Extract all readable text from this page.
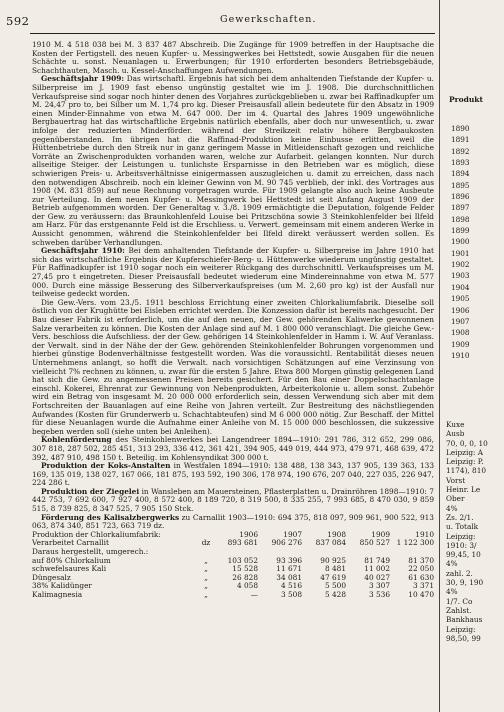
592	Gewerkschaften.

1910 M. 4 518 038 bei M. 3 837 487 Abschreib. Die Zugänge für 1909 betreffen in der Hauptsache die Kosten der Fertigstell. des neuen Kupfer- u. Messingwerkes bei Hettstedt, sowie Ausgaben für die neuen Schächte u. sonst. Neuanlagen u. Erwerbungen; für 1910 erforderten besonders Betriebsgebäude, Schachthauten, Masch. u. Kessel-Anschaffungen Aufwendungen.

Geschäftsjahr 1909: Das wirtschaftl. Ergebnis hat sich bei dem anhaltenden Tiefstande der Kupfer- u. Silberpreise im J. 1909 fast ebenso ungünstig gestaltet wie im J. 1908. Die durchschnittlichen Verkaufspreise sind sogar noch hinter denen des Vorjahres zurückgeblieben u. zwar bei Raffinadkupfer um M. 24,47 pro to, bei Silber um M. 1,74 pro kg. Dieser Preisausfall allein bedeutete für den Absatz in 1909 einen Minder-Einnahme von etwa M. 647 000. Der im 4. Quartal des Jahres 1909 ungewöhnliche Bergbauertrag hat das wirtschaftliche Ergebnis natürlich ebenfalls, aber doch nur unwesentlich, u. zwar infolge der reduzierten Minderförder. während der Streikzeit relativ höhere Bergbaukosten gegenüberstanden. Im übrigen hat die Raffinad-Produktion keine Einbusse erlitten, weil die Hüttenbetriebe durch den Streik nur in ganz geringem Masse in Mitleidenschaft gezogen und reichliche Vorräte an Zwischenprodukten vorhanden waren, welche zur Aufarbeit. gelangen konnten. Nur durch allseitige Steiger. der Leistungen u. tunlichste Ersparnisse in den Betrieben war es möglich, diese schwierigen Preis- u. Arbeitsverhältnisse einigermassen auszugleichen u. damit zu erreichen, dass nach den notwendigen Abschreib. noch ein kleiner Gewinn von M. 90 745 verblieb, der inkl. des Vortrages aus 1908 (M. 831 859) auf neue Rechnung vorgetragen wurde. Für 1909 gelangte also auch keine Ausbeute zur Verteilung. In dem neuen Kupfer- u. Messingwerk bei Hettstedt ist seit Anfang August 1909 der Betrieb aufgenommen worden. Der Generaltag v. 3./8. 1909 ermächtigte die Deputation, folgende Felder der Gew. zu veräussern: das Braunkohlenfeld Louise bei Pritzschöna sowie 3 Steinkohlenfelder bei Ilfeld am Harz. Für das erstgenannte Feld ist die Erschliess. u. Verwert. gemeinsam mit einem anderen Werke in Aussicht genommen, während die Steinkohlenfelder bei Ilfeld direkt veräussert werden sollen. Es schweben darüber Verhandlungen.

Geschäftsjahr 1910: Bei dem anhaltenden Tiefstande der Kupfer- u. Silberpreise im Jahre 1910 hat sich das wirtschaftliche Ergebnis der Kupferschiefer-Berg- u. Hüttenwerke wiederum ungünstig gestaltet. Für Raffinadkupfer ist 1910 sogar noch ein weiterer Rückgang des durchschnittl. Verkaufspreises um M. 27,45 pro t eingetreten. Dieser Preisausfall bedeutet wiederum eine Mindereinnahme von etwa M. 577 000. Durch eine mässige Besserung des Silberverkaufspreises (um M. 2,60 pro kg) ist der Ausfall nur teilweise gedeckt worden.

Die Gew.-Vers. vom 23./5. 1911 beschloss Errichtung einer zweiten Chlorkaliumfabrik. Dieselbe soll östlich von der Krughütte bei Eisleben errichtet werden. Die Konzession dafür ist bereits nachgesucht. Der Bau dieser Fabrik ist erforderlich, um die auf den neuen, der Gew. gehörenden Kaliwerke gewonnenen Salze verarbeiten zu können. Die Kosten der Anlage sind auf M. 1 800 000 veranschlagt. Die gleiche Gew.-Vers. beschloss die Aufschliess. der der Gew. gehörigen 14 Steinkohlenfelder in Hamm i. W. Auf Veranlass. der Verwalt. sind in der Nähe der der Gew. gehörenden Steinkohlenfelder Bohrungen vorgenommen und hierbei günstige Bodenverhältnisse festgestellt worden. Was die voraussichtl. Rentabilität dieses neuen Unternehmens anlangt, so hofft die Verwalt. nach vorsichtigen Schätzungen auf eine Verzinsung von vielleicht 7% rechnen zu können, u. zwar für die ersten 5 Jahre. Etwa 800 Morgen günstig gelegenen Land hat sich die Gew. zu angemessenen Preisen bereits gesichert. Für den Bau einer Doppelschachtanlage einschl. Kokerei, Ehrenrat zur Gewinnung von Nebenprodukten, Arbeiterkolonie u. allem sonst. Zubehör wird ein Betrag von insgesamt M. 20 000 000 erforderlich sein, dessen Verwendung sich aber mit dem Fortschreiten der Bauanlagen auf eine Reihe von Jahren verteilt. Zur Bestreitung des nächstliegenden Aufwandes (Kosten für Grunderwerb u. Schachtabteufen) sind M 6 000 000 nötig. Zur Beschaff. der Mittel für diese Neuanlagen wurde die Aufnahme einer Anleihe von M. 15 000 000 beschlossen, die sukzessive begeben werden soll (siehe unten bei Anleihen).

Kohlenförderung des Steinkohlenwerkes bei Langendreer 1894—1910: 291 786, 312 652, 299 086, 307 818, 287 502, 285 451, 313 293, 336 412, 361 421, 394 905, 449 019, 444 973, 479 971, 468 639, 472 392, 487 910, 498 150 t. Beteilig. im Kohlensyndikat 300 000 t.

Produktion der Koks-Anstalten in Westfalen 1894—1910: 138 488, 138 343, 137 905, 139 363, 133 169, 135 019, 138 027, 167 066, 181 875, 193 592, 190 306, 178 974, 190 676, 207 040, 227 035, 226 947, 224 286 t.

Produktion der Ziegelei in Wansleben am Mauersteinen, Pflasterplatten u. Drainröhren 1898—1910: 7 442 753, 7 692 600, 7 927 400, 8 572 400, 8 189 720, 8 319 500, 8 335 255, 7 993 685, 8 470 030, 9 859 515, 8 739 825, 8 347 525, 7 905 150 Stck.

Förderung des Kalisalzbergwerks zu Carnallit 1903—1910: 694 375, 818 097, 909 961, 900 522, 913 063, 874 340, 851 723, 663 719 dz.

Produktion der Chlorkaliumfabrik:		1906	1907	1908	1909	1910
Verarbeitet Carnallit	dz	893 681	906 276	837 084	850 527	1 122 300
Daraus hergestellt, umgerech.:						
auf 80% Chlorkalium	„	103 052	93 396	90 925	81 749	81 370
schwefelsaures Kali	„	15 528	11 671	8 481	11 002	22 050
Düngesalz	„	26 828	34 081	47 619	40 027	61 630
38% Kalidünger	„	4 058	4 516	5 500	3 307	3 371
Kalimagnesia	„	—	3 508	5 428	3 536	10 470
Produkt
1890
1891
1892
1893
1894
1895
1896
1897
1898
1899
1900
1901
1902
1903
1904
1905
1906
1907
1908
1909
1910
Kuxe
Ausb
70, 0, 0, 10
Leipzig: A
Leipzig: P.
1174), 810
Vorst
Heinr. Le
Ober
4%
Zs. 2/1.
u. Totalk
Leipzig:
1910: 3/
99,45, 10
4%
zahl. 2.
30, 9, 190
4%
1/7. Co
Zahlst.
Bankhaus
Leipzig:
98,50, 99
